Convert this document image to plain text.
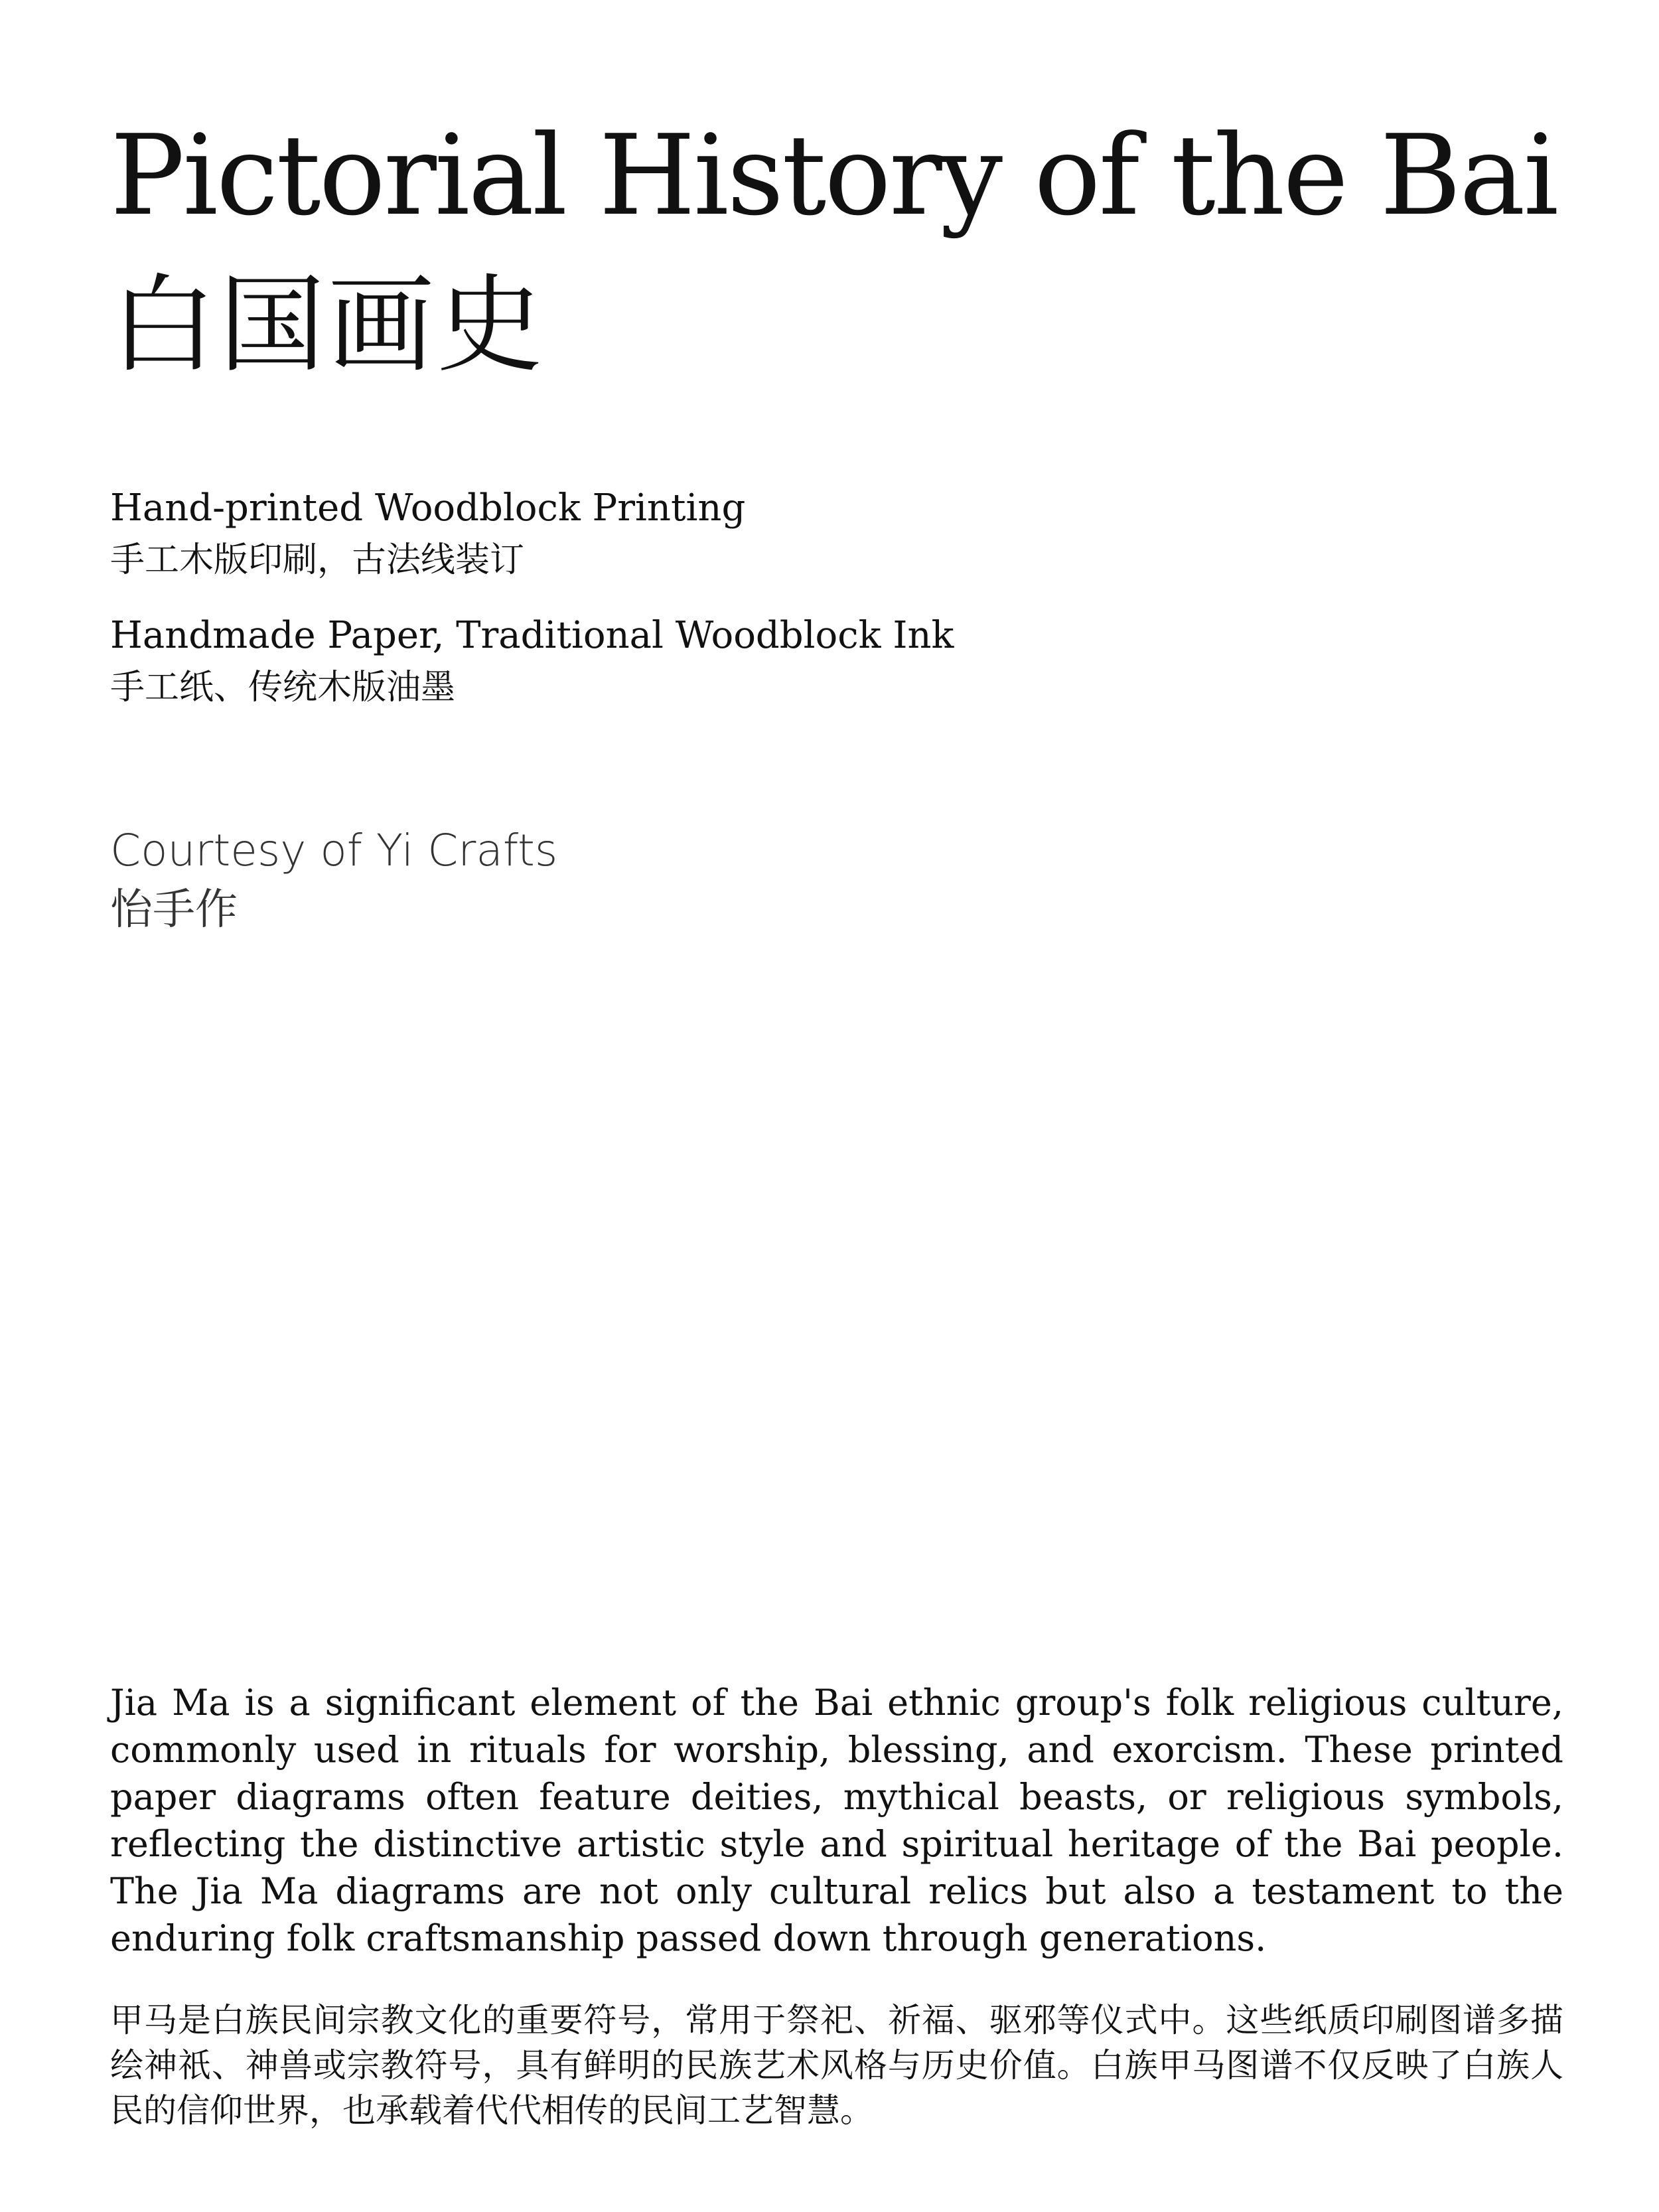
Pictorial History of the Bai
白国画史

Hand-printed Woodblock Printing

手工木版印刷，古法线装订

Handmade Paper, Traditional Woodblock Ink

手工纸、传统木版油墨

Courtesy of Yi Crafts

怡手作

Jia Ma is a significant element of the Bai ethnic group's folk religious culture, commonly used in rituals for worship, blessing, and exorcism. These printed paper diagrams often feature deities, mythical beasts, or religious symbols, reflecting the distinctive artistic style and spiritual heritage of the Bai people. The Jia Ma diagrams are not only cultural relics but also a testament to the enduring folk craftsmanship passed down through generations.

甲马是白族民间宗教文化的重要符号，常用于祭祀、祈福、驱邪等仪式中。这些纸质印刷图谱多描绘神祇、神兽或宗教符号，具有鲜明的民族艺术风格与历史价值。白族甲马图谱不仅反映了白族人民的信仰世界，也承载着代代相传的民间工艺智慧。
